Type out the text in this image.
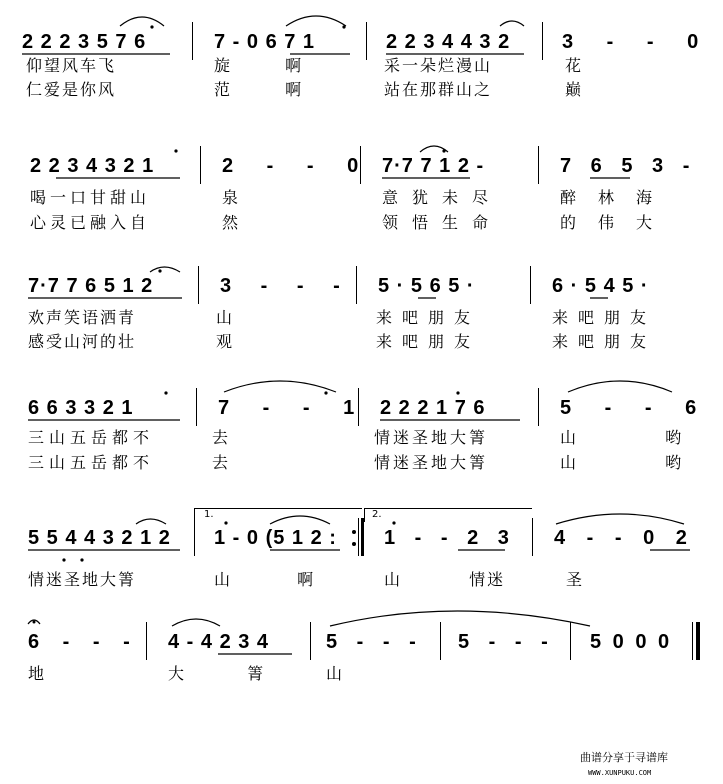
2 2 2 3 5 7 6	7 - 0 6 7 1	2 2 3 4 4 3 2	3 - - 0
仰望风车飞	旋 啊	采一朵烂漫山	花
仁爱是你风	范 啊	站在那群山之	巅
2 2 3 4 3 2 1	2 - - 0 7·7 7 1 2 -	7 6 5 3 -
喝一口甘甜山	泉	意犹未尽	醉林海
心灵已融入自	然	领悟生命	的伟大
7·7 7 6 5 1 2	3 - - - 5 · 5 6 5 ·	6 · 5 4 5 ·
欢声笑语洒青	山	来吧朋友	来吧朋友
感受山河的壮	观	来吧朋友	来吧朋友
6 6 3 3 2 1	7 - - 1 2 2 2 1 7 6	5 - - 6
三山五岳都不	去	情迷圣地大箐	山 哟
三山五岳都不	去	情迷圣地大箐	山 哟
1.	2.
5 5 4 4 3 2 1 2 1 - 0 (5 1 2 : 1 - - 2 3 4 - - 0 2
情迷圣地大箐	山 啊	山 情迷	圣
6 - - - 4 - 4 2 3 4	5 - - - 5 - - - 5 0 0 0
地	大 箐	山
曲谱分享于寻谱库
WWW.XUNPUKU.COM
